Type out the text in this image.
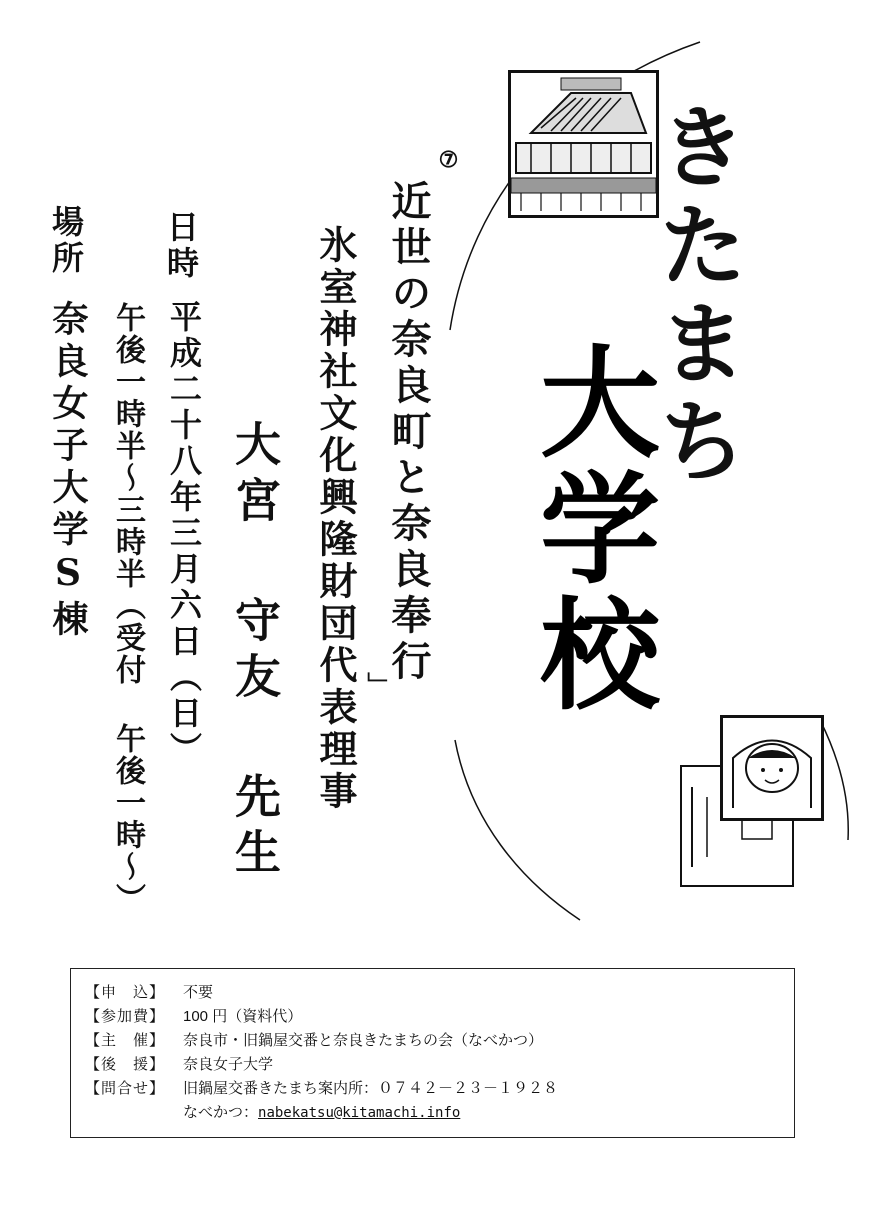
きたまち
大学校
⑦
近世の奈良町と奈良奉行
」
氷室神社文化興隆財団代表理事
大宮 守友 先生
日時
平成二十八年三月六日（日）
午後一時半～三時半（受付 午後一時～）
場所
奈良女子大学S棟
【申　込】	不要
【参加費】	100 円（資料代）
【主　催】	奈良市・旧鍋屋交番と奈良きたまちの会（なべかつ）
【後　援】	奈良女子大学
【問合せ】	旧鍋屋交番きたまち案内所：０７４２－２３－１９２８
なべかつ：nabekatsu@kitamachi.info
